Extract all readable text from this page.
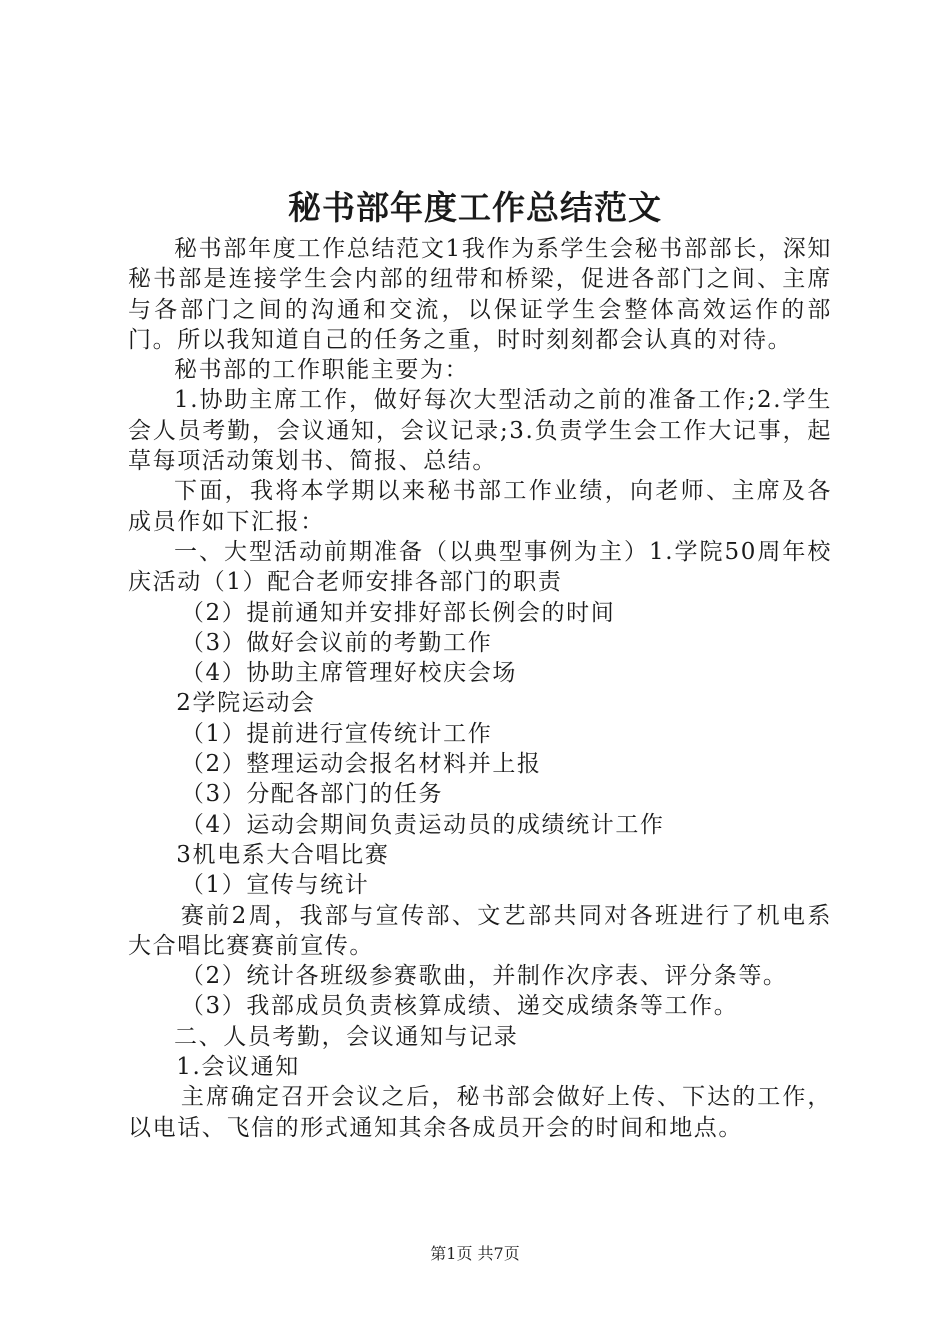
秘书部年度工作总结范文

秘书部年度工作总结范文1我作为系学生会秘书部部长，深知秘书部是连接学生会内部的纽带和桥梁，促进各部门之间、主席与各部门之间的沟通和交流，以保证学生会整体高效运作的部门。所以我知道自己的任务之重，时时刻刻都会认真的对待。

秘书部的工作职能主要为：

1.协助主席工作，做好每次大型活动之前的准备工作;2.学生会人员考勤，会议通知，会议记录;3.负责学生会工作大记事，起草每项活动策划书、简报、总结。

下面，我将本学期以来秘书部工作业绩，向老师、主席及各成员作如下汇报：

一、大型活动前期准备（以典型事例为主）1.学院50周年校庆活动（1）配合老师安排各部门的职责

（2）提前通知并安排好部长例会的时间

（3）做好会议前的考勤工作

（4）协助主席管理好校庆会场

2学院运动会

（1）提前进行宣传统计工作

（2）整理运动会报名材料并上报

（3）分配各部门的任务

（4）运动会期间负责运动员的成绩统计工作

3机电系大合唱比赛

（1）宣传与统计

赛前2周，我部与宣传部、文艺部共同对各班进行了机电系大合唱比赛赛前宣传。

（2）统计各班级参赛歌曲，并制作次序表、评分条等。

（3）我部成员负责核算成绩、递交成绩条等工作。

二、人员考勤，会议通知与记录

1.会议通知

主席确定召开会议之后，秘书部会做好上传、下达的工作，以电话、飞信的形式通知其余各成员开会的时间和地点。

第1页 共7页
